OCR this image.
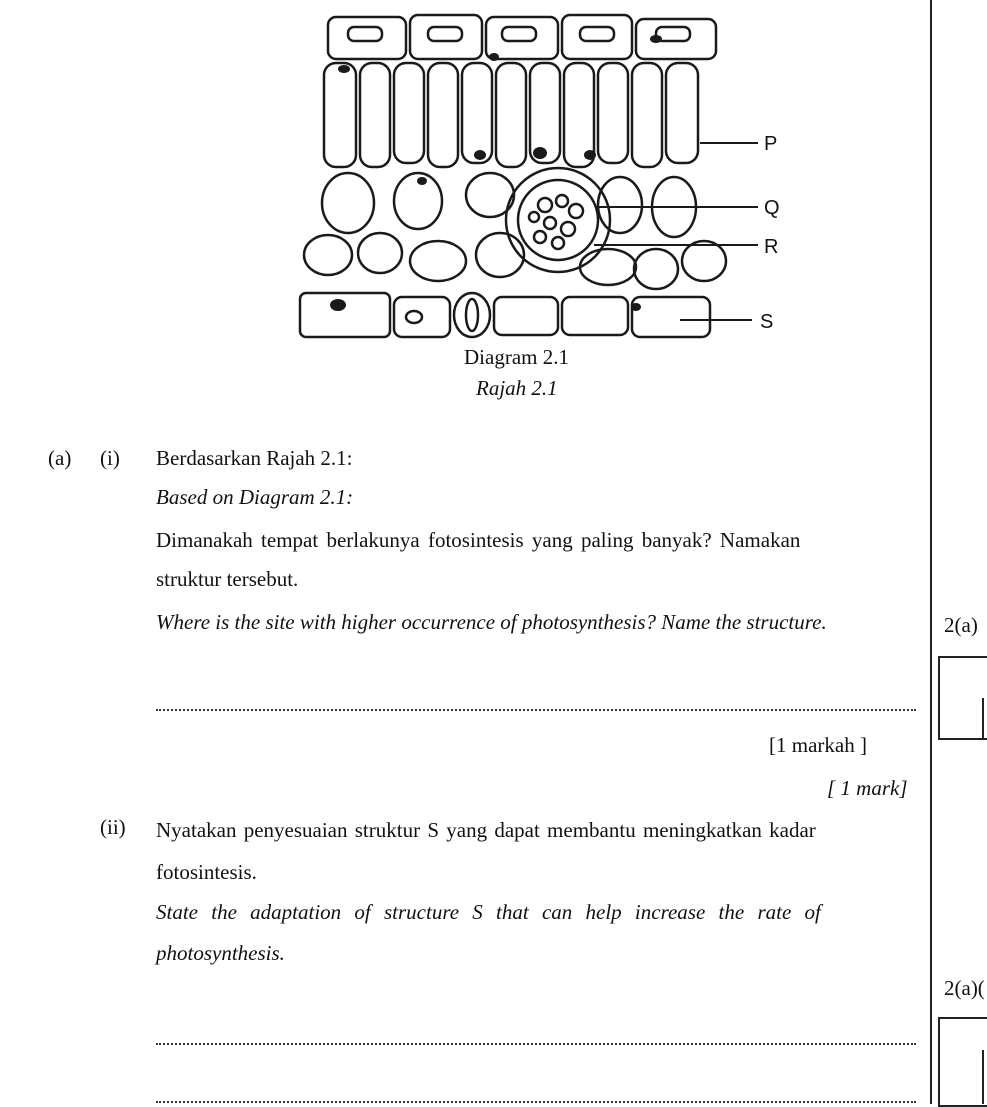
P
Q
R
S
Diagram 2.1
Rajah 2.1
(a) (i) Berdasarkan Rajah 2.1:
Based on Diagram 2.1:
Dimanakah tempat berlakunya fotosintesis yang paling banyak? Namakan
struktur tersebut.
Where is the site with higher occurrence of photosynthesis? Name the structure.	2(a)
[1 markah ]
[ 1 mark]
(ii) Nyatakan penyesuaian struktur S yang dapat membantu meningkatkan kadar
fotosintesis.
State the adaptation of structure S that can help increase the rate of
photosynthesis.
2(a)(
